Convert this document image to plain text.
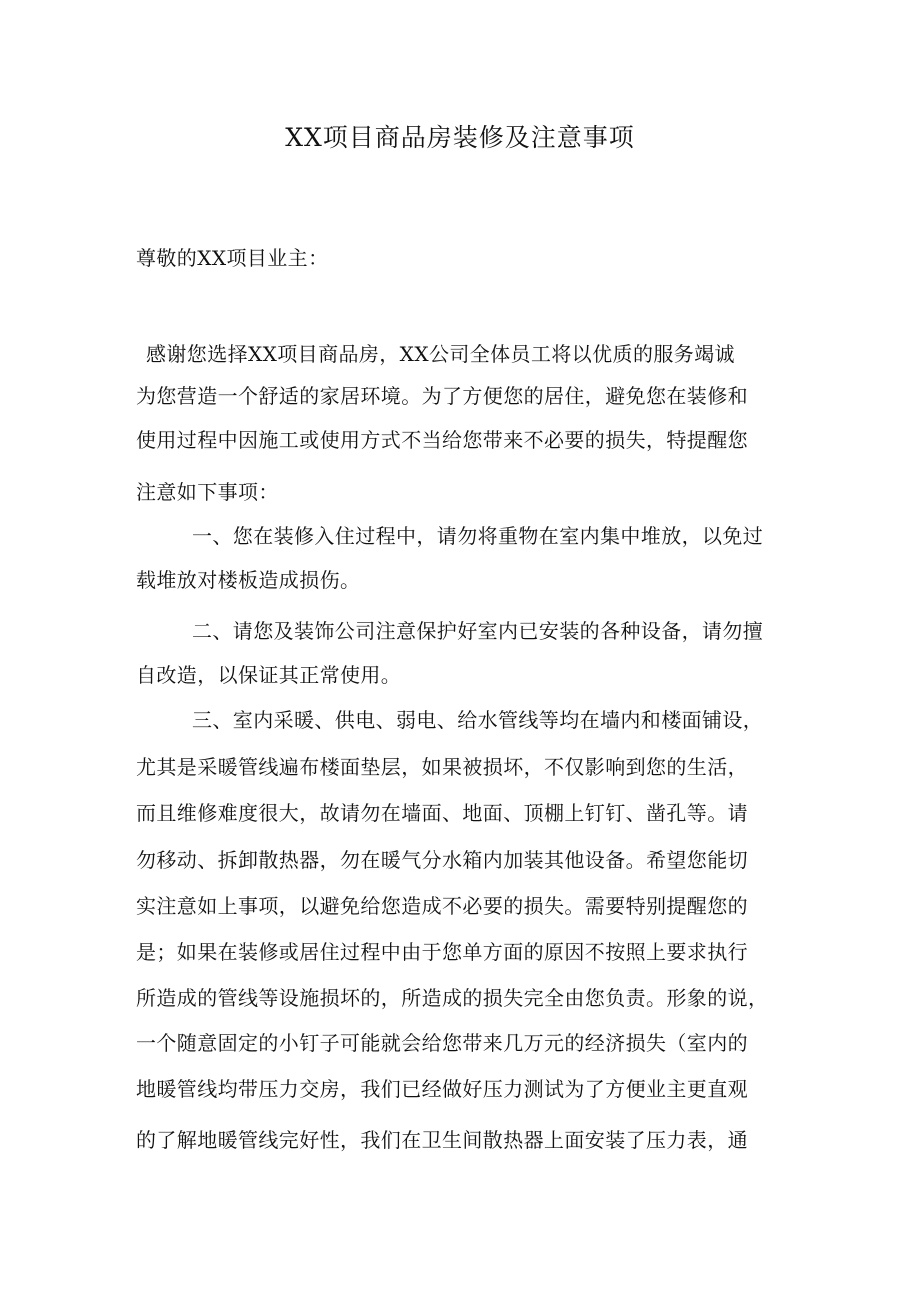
XX项目商品房装修及注意事项
尊敬的XX项目业主：
感谢您选择XX项目商品房，XX公司全体员工将以优质的服务竭诚
为您营造一个舒适的家居环境。为了方便您的居住，避免您在装修和
使用过程中因施工或使用方式不当给您带来不必要的损失，特提醒您
注意如下事项：
一、您在装修入住过程中，请勿将重物在室内集中堆放，以免过
载堆放对楼板造成损伤。
二、请您及装饰公司注意保护好室内已安装的各种设备，请勿擅
自改造，以保证其正常使用。
三、室内采暖、供电、弱电、给水管线等均在墙内和楼面铺设，
尤其是采暖管线遍布楼面垫层，如果被损坏，不仅影响到您的生活，
而且维修难度很大，故请勿在墙面、地面、顶棚上钉钉、凿孔等。请
勿移动、拆卸散热器，勿在暖气分水箱内加装其他设备。希望您能切
实注意如上事项，以避免给您造成不必要的损失。需要特别提醒您的
是；如果在装修或居住过程中由于您单方面的原因不按照上要求执行
所造成的管线等设施损坏的，所造成的损失完全由您负责。形象的说，
一个随意固定的小钉子可能就会给您带来几万元的经济损失（室内的
地暖管线均带压力交房，我们已经做好压力测试为了方便业主更直观
的了解地暖管线完好性，我们在卫生间散热器上面安装了压力表，通
